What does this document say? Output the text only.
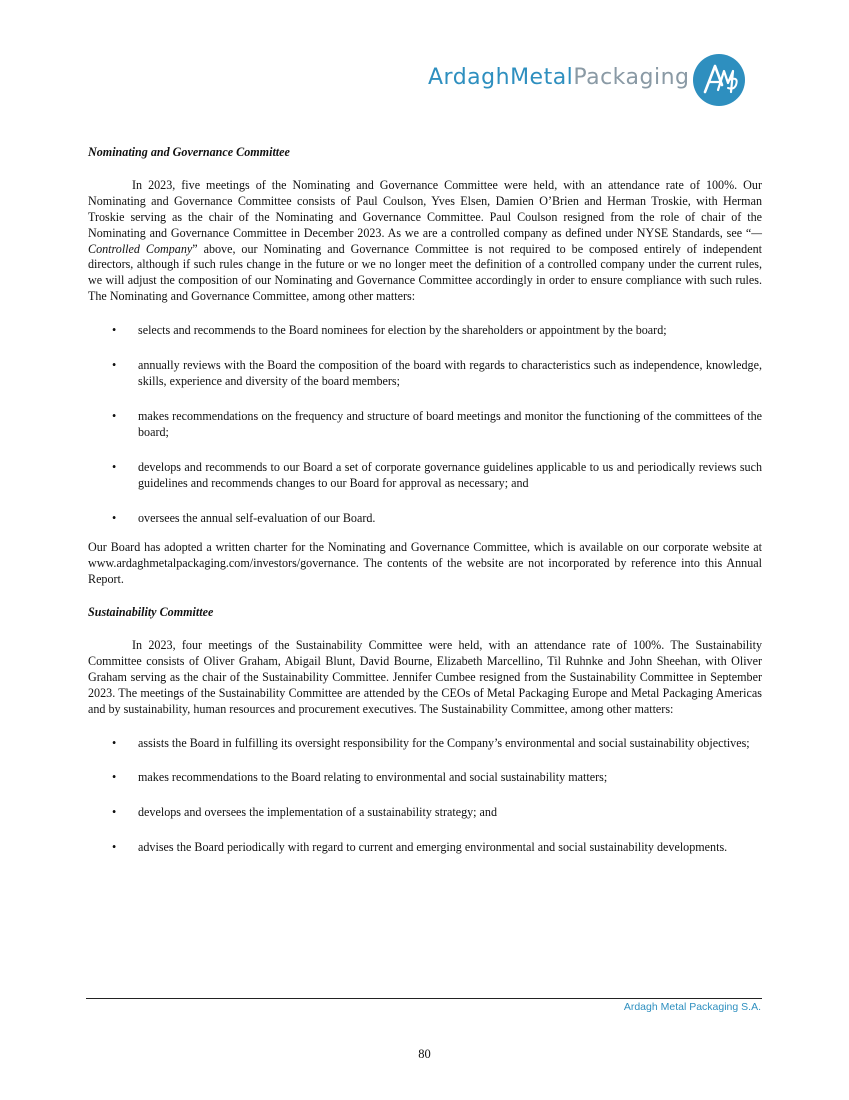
ArdaghMetalPackaging

Nominating and Governance Committee

In 2023, five meetings of the Nominating and Governance Committee were held, with an attendance rate of 100%. Our Nominating and Governance Committee consists of Paul Coulson, Yves Elsen, Damien O’Brien and Herman Troskie, with Herman Troskie serving as the chair of the Nominating and Governance Committee. Paul Coulson resigned from the role of chair of the Nominating and Governance Committee in December 2023. As we are a controlled company as defined under NYSE Standards, see “—Controlled Company” above, our Nominating and Governance Committee is not required to be composed entirely of independent directors, although if such rules change in the future or we no longer meet the definition of a controlled company under the current rules, we will adjust the composition of our Nominating and Governance Committee accordingly in order to ensure compliance with such rules. The Nominating and Governance Committee, among other matters:

• selects and recommends to the Board nominees for election by the shareholders or appointment by the board;
• annually reviews with the Board the composition of the board with regards to characteristics such as independence, knowledge, skills, experience and diversity of the board members;
• makes recommendations on the frequency and structure of board meetings and monitor the functioning of the committees of the board;
• develops and recommends to our Board a set of corporate governance guidelines applicable to us and periodically reviews such guidelines and recommends changes to our Board for approval as necessary; and
• oversees the annual self-evaluation of our Board.

Our Board has adopted a written charter for the Nominating and Governance Committee, which is available on our corporate website at www.ardaghmetalpackaging.com/investors/governance. The contents of the website are not incorporated by reference into this Annual Report.

Sustainability Committee

In 2023, four meetings of the Sustainability Committee were held, with an attendance rate of 100%. The Sustainability Committee consists of Oliver Graham, Abigail Blunt, David Bourne, Elizabeth Marcellino, Til Ruhnke and John Sheehan, with Oliver Graham serving as the chair of the Sustainability Committee. Jennifer Cumbee resigned from the Sustainability Committee in September 2023. The meetings of the Sustainability Committee are attended by the CEOs of Metal Packaging Europe and Metal Packaging Americas and by sustainability, human resources and procurement executives. The Sustainability Committee, among other matters:

• assists the Board in fulfilling its oversight responsibility for the Company’s environmental and social sustainability objectives;
• makes recommendations to the Board relating to environmental and social sustainability matters;
• develops and oversees the implementation of a sustainability strategy; and
• advises the Board periodically with regard to current and emerging environmental and social sustainability developments.
Ardagh Metal Packaging S.A.
80
